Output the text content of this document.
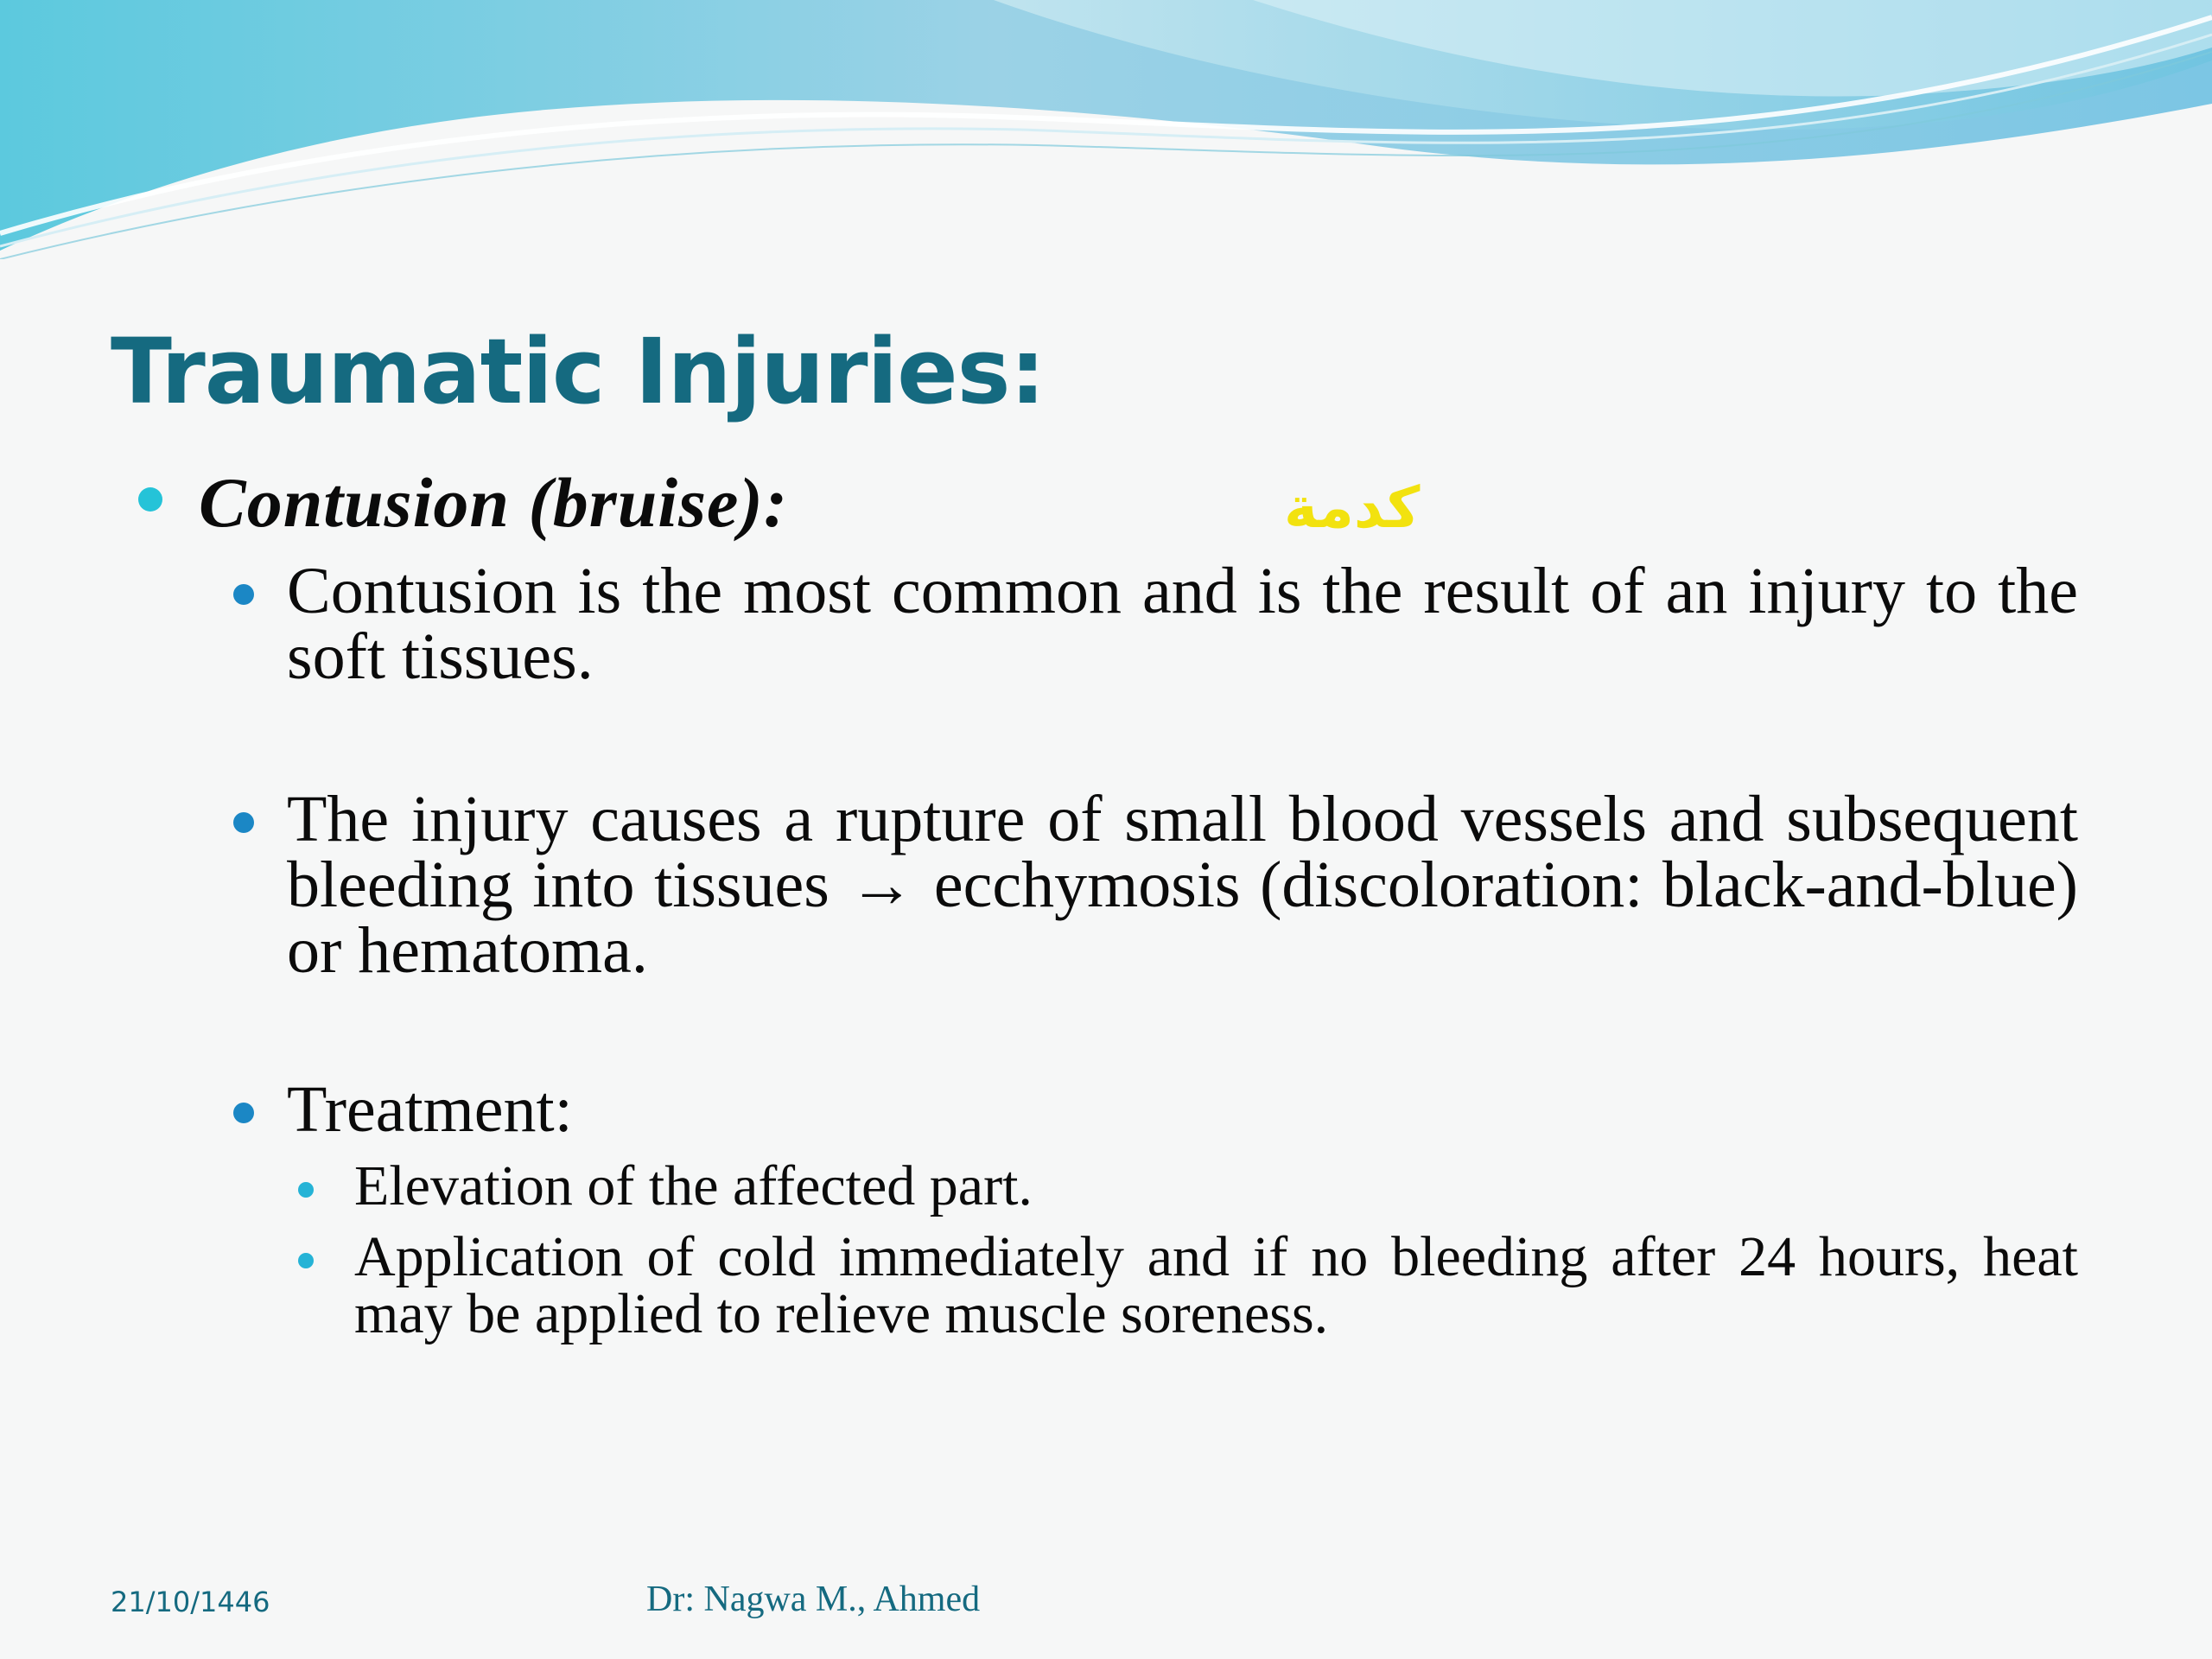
Traumatic Injuries:
Contusion (bruise):	كدمة
Contusion is the most common and is the result of an injury to the soft tissues.
The injury causes a rupture of small blood vessels and subsequent bleeding into tissues → ecchymosis (discoloration: black-and-blue) or hematoma.
Treatment:
Elevation of the affected part.
Application of cold immediately and if no bleeding after 24 hours, heat may be applied to relieve muscle soreness.
21/10/1446	Dr: Nagwa M., Ahmed
